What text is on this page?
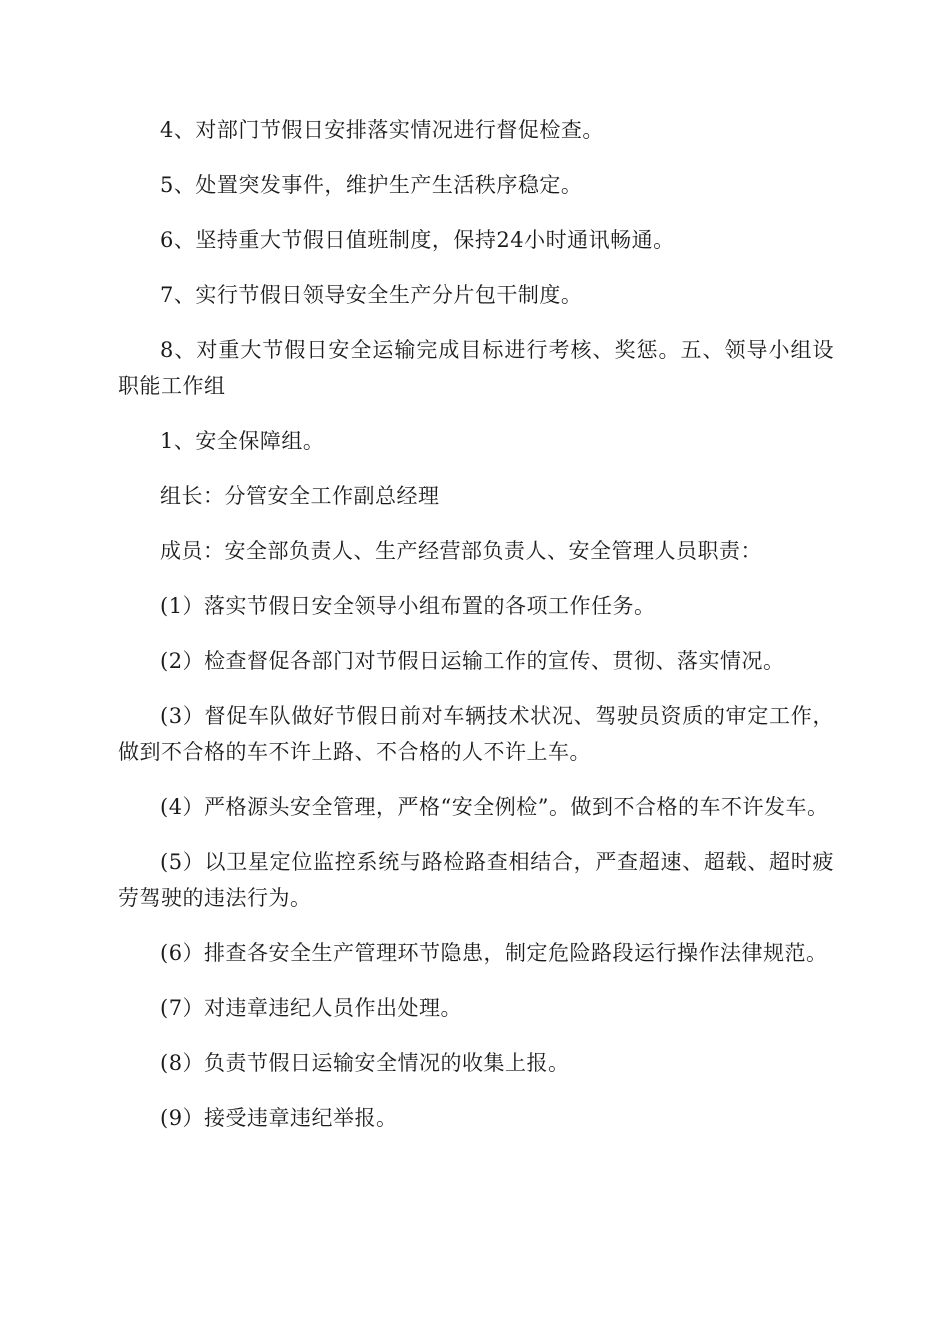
4、对部门节假日安排落实情况进行督促检查。

5、处置突发事件，维护生产生活秩序稳定。

6、坚持重大节假日值班制度，保持24小时通讯畅通。

7、实行节假日领导安全生产分片包干制度。

8、对重大节假日安全运输完成目标进行考核、奖惩。五、领导小组设职能工作组

1、安全保障组。

组长：分管安全工作副总经理

成员：安全部负责人、生产经营部负责人、安全管理人员职责：

(1）落实节假日安全领导小组布置的各项工作任务。

(2）检查督促各部门对节假日运输工作的宣传、贯彻、落实情况。

(3）督促车队做好节假日前对车辆技术状况、驾驶员资质的审定工作，做到不合格的车不许上路、不合格的人不许上车。

(4）严格源头安全管理，严格“安全例检”。做到不合格的车不许发车。

(5）以卫星定位监控系统与路检路查相结合，严查超速、超载、超时疲劳驾驶的违法行为。

(6）排查各安全生产管理环节隐患，制定危险路段运行操作法律规范。

(7）对违章违纪人员作出处理。

(8）负责节假日运输安全情况的收集上报。

(9）接受违章违纪举报。
